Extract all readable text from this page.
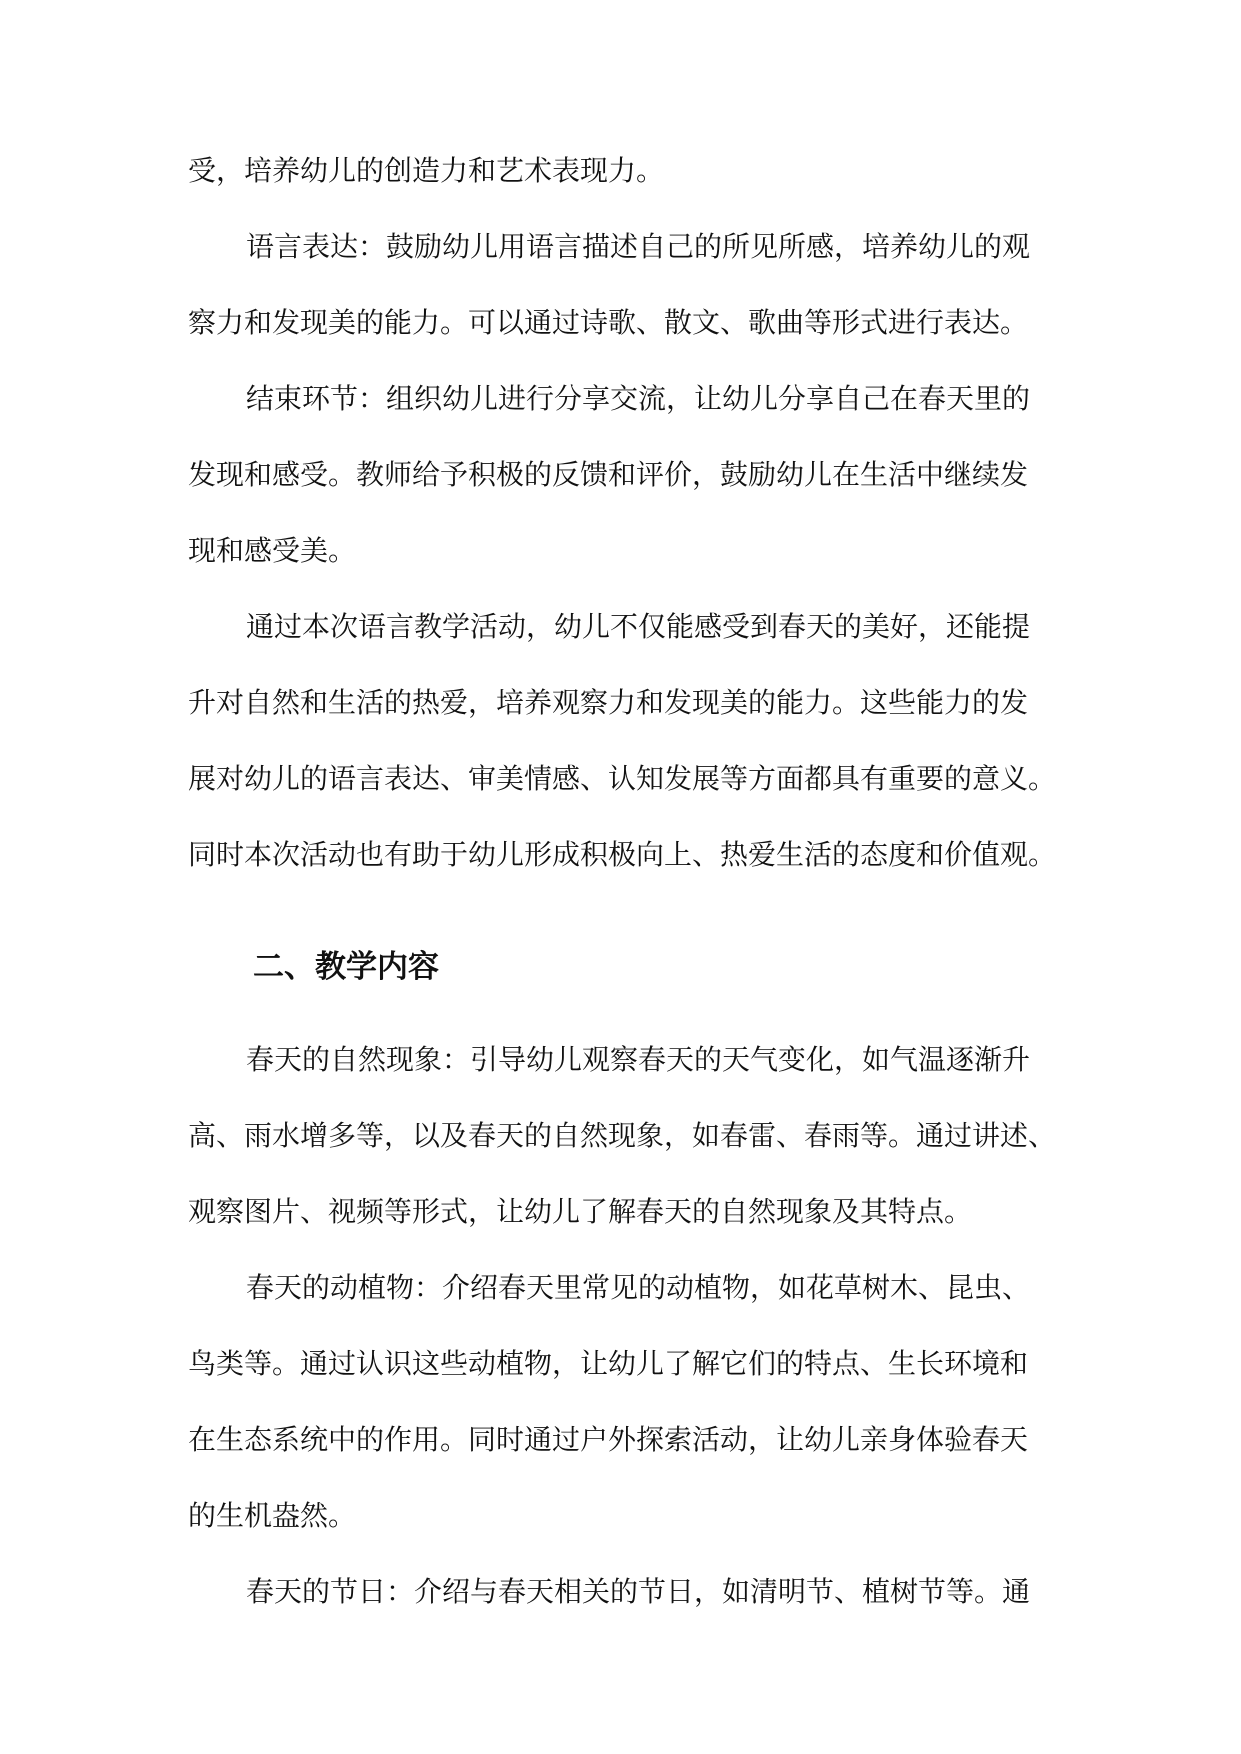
受，培养幼儿的创造力和艺术表现力。
语言表达：鼓励幼儿用语言描述自己的所见所感，培养幼儿的观
察力和发现美的能力。可以通过诗歌、散文、歌曲等形式进行表达。
结束环节：组织幼儿进行分享交流，让幼儿分享自己在春天里的
发现和感受。教师给予积极的反馈和评价，鼓励幼儿在生活中继续发
现和感受美。
通过本次语言教学活动，幼儿不仅能感受到春天的美好，还能提
升对自然和生活的热爱，培养观察力和发现美的能力。这些能力的发
展对幼儿的语言表达、审美情感、认知发展等方面都具有重要的意义。
同时本次活动也有助于幼儿形成积极向上、热爱生活的态度和价值观。
二、教学内容
春天的自然现象：引导幼儿观察春天的天气变化，如气温逐渐升
高、雨水增多等，以及春天的自然现象，如春雷、春雨等。通过讲述、
观察图片、视频等形式，让幼儿了解春天的自然现象及其特点。
春天的动植物：介绍春天里常见的动植物，如花草树木、昆虫、
鸟类等。通过认识这些动植物，让幼儿了解它们的特点、生长环境和
在生态系统中的作用。同时通过户外探索活动，让幼儿亲身体验春天
的生机盎然。
春天的节日：介绍与春天相关的节日，如清明节、植树节等。通
